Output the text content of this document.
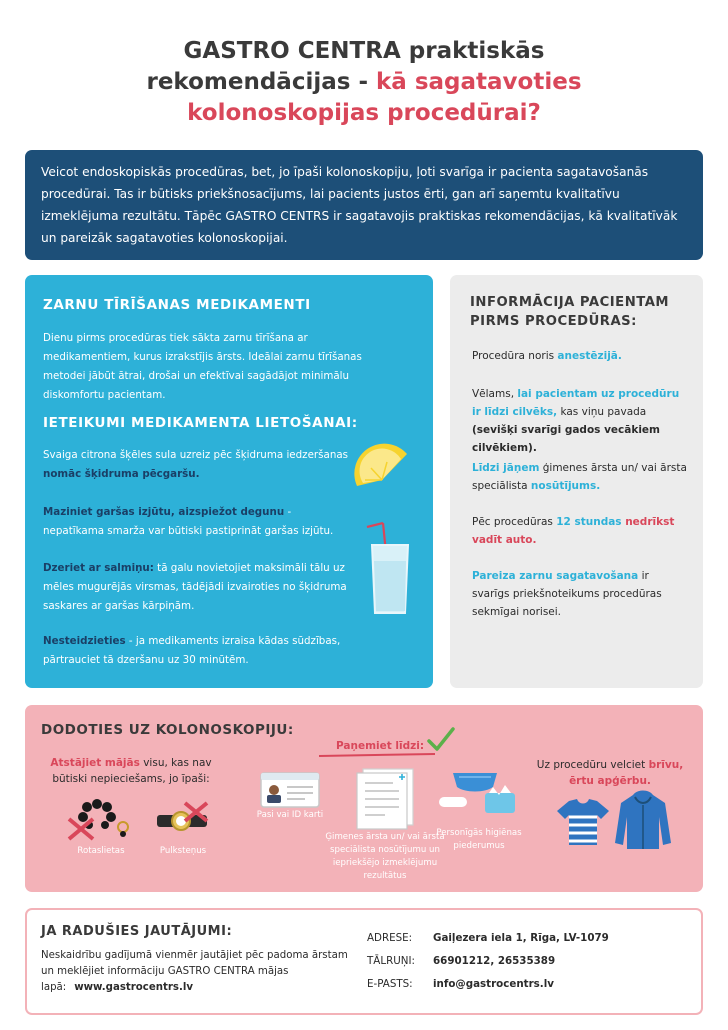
GASTRO CENTRA praktiskās
rekomendācijas - kā sagatavoties
kolonoskopijas procedūrai?
Veicot endoskopiskās procedūras, bet, jo īpaši kolonoskopiju, ļoti svarīga ir pacienta sagatavošanās procedūrai. Tas ir būtisks priekšnosacījums, lai pacients justos ērti, gan arī saņemtu kvalitatīvu izmeklējuma rezultātu. Tāpēc GASTRO CENTRS ir sagatavojis praktiskas rekomendācijas, kā kvalitatīvāk un pareizāk sagatavoties kolonoskopijai.
ZARNU TĪRĪŠANAS MEDIKAMENTI

Dienu pirms procedūras tiek sākta zarnu tīrīšana ar medikamentiem, kurus izrakstījis ārsts. Ideālai zarnu tīrīšanas metodei jābūt ātrai, drošai un efektīvai sagādājot minimālu diskomfortu pacientam.

IETEIKUMI MEDIKAMENTA LIETOŠANAI:

Svaiga citrona šķēles sula uzreiz pēc šķidruma iedzeršanas nomāc šķidruma pēcgaršu.

Maziniet garšas izjūtu, aizspiežot degunu - nepatīkama smarža var būtiski pastiprināt garšas izjūtu.

Dzeriet ar salmiņu: tā galu novietojiet maksimāli tālu uz mēles mugurējās virsmas, tādējādi izvairoties no šķidruma saskares ar garšas kārpiņām.

Nesteidzieties - ja medikaments izraisa kādas sūdzības, pārtrauciet tā dzeršanu uz 30 minūtēm.

INFORMĀCIJA PACIENTAM
PIRMS PROCEDŪRAS:

Procedūra noris anestēzijā.

Vēlams, lai pacientam uz procedūru ir līdzi cilvēks, kas viņu pavada (sevišķi svarīgi gados vecākiem cilvēkiem).

Līdzi jāņem ģimenes ārsta un/ vai ārsta speciālista nosūtījums.

Pēc procedūras 12 stundas nedrīkst vadīt auto.

Pareiza zarnu sagatavošana ir svarīgs priekšnoteikums procedūras sekmīgai norisei.

DODOTIES UZ KOLONOSKOPIJU:
Atstājiet mājās visu, kas nav būtiski nepieciešams, jo īpaši:
Rotaslietas	Pulksteņus
Paņemiet līdzi:
Pasi vai ID karti
Ģimenes ārsta un/ vai ārsta speciālista nosūtījumu un iepriekšējo izmeklējumu rezultātus
Personīgās higiēnas piederumus
Uz procedūru velciet brīvu, ērtu apģērbu.
JA RADUŠIES JAUTĀJUMI:
Neskaidrību gadījumā vienmēr jautājiet pēc padoma ārstam un meklējiet informāciju GASTRO CENTRA mājas lapā: www.gastrocentrs.lv
ADRESE: Gaiļezera iela 1, Rīga, LV-1079
TĀLRUŅI: 66901212, 26535389
E-PASTS: info@gastrocentrs.lv
